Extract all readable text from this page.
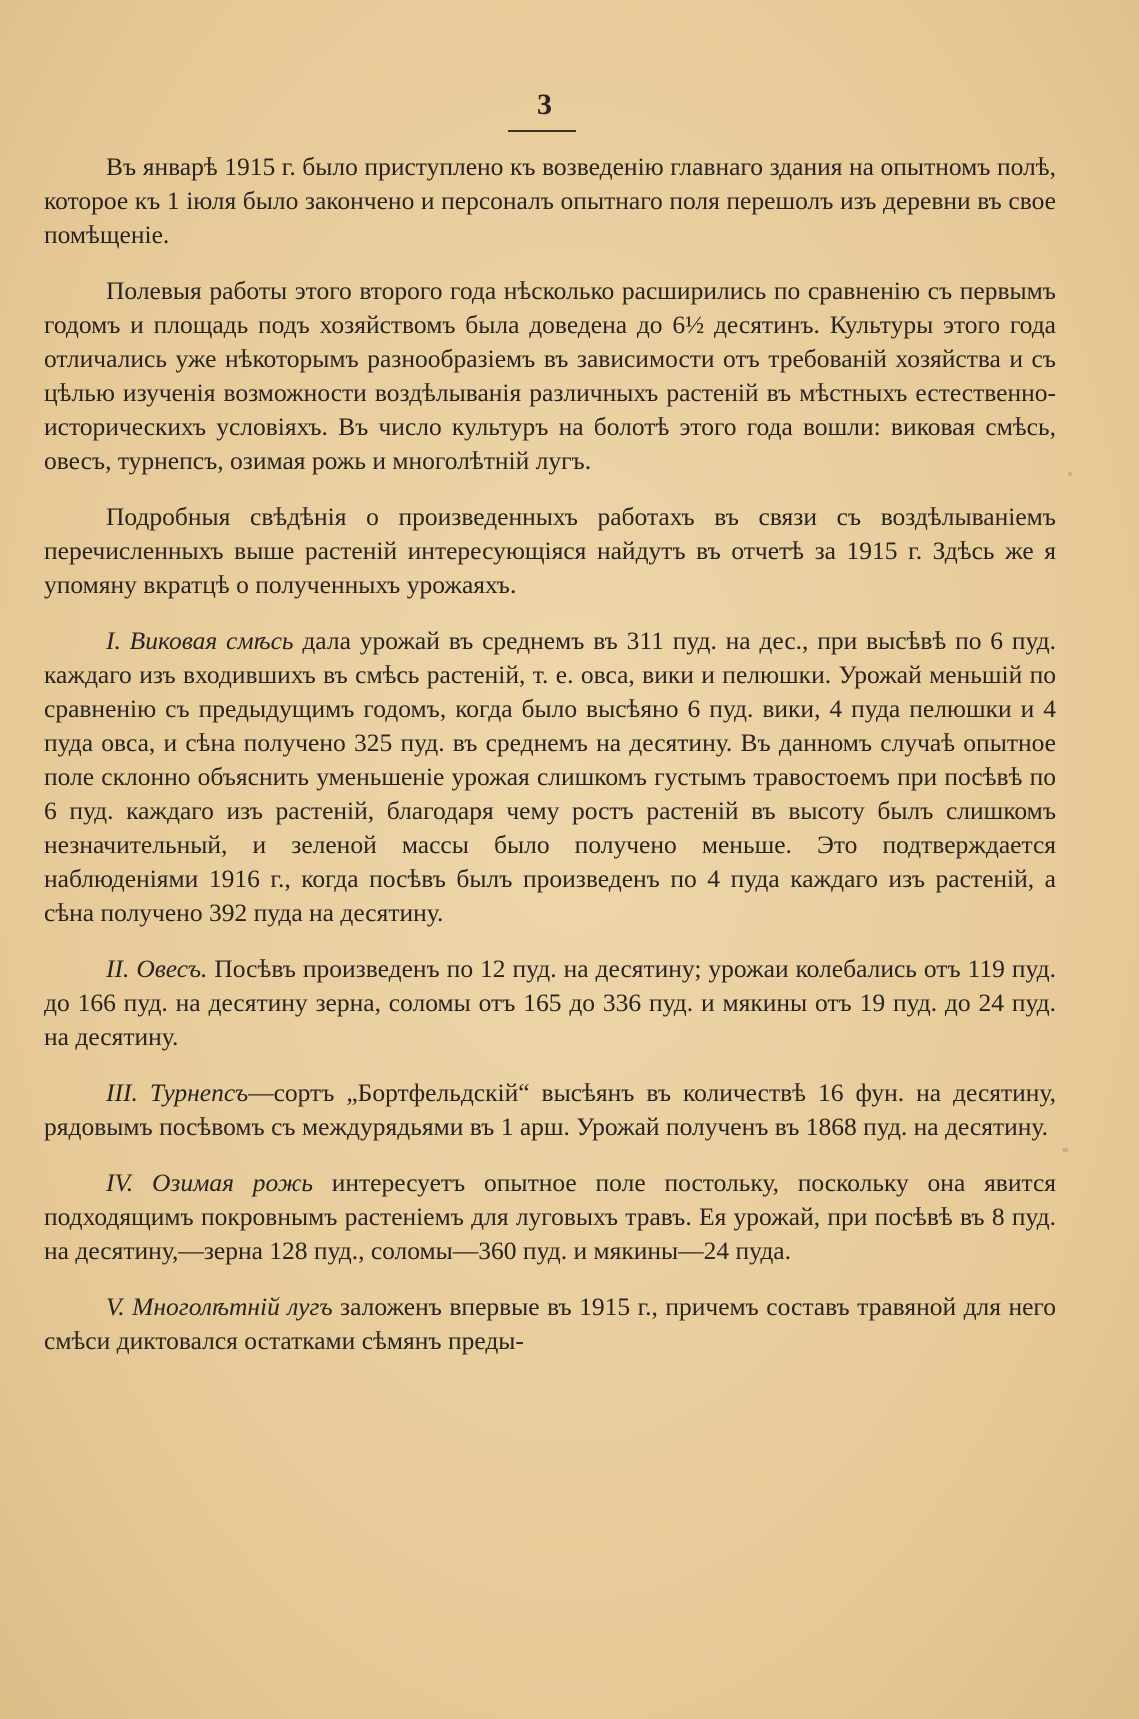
3

Въ январѣ 1915 г. было приступлено къ возведенію главнаго здания на опытномъ полѣ, которое къ 1 іюля было закончено и персоналъ опытнаго поля перешолъ изъ деревни въ свое помѣщеніе.

Полевыя работы этого второго года нѣсколько расширились по сравненію съ первымъ годомъ и площадь подъ хозяйствомъ была доведена до 6½ десятинъ. Культуры этого года отличались уже нѣкоторымъ разнообразіемъ въ зависимости отъ требованій хозяйства и съ цѣлью изученія возможности воздѣлыванія различныхъ растеній въ мѣстныхъ естественно-историческихъ условіяхъ. Въ число культуръ на болотѣ этого года вошли: виковая смѣсь, овесъ, турнепсъ, озимая рожь и многолѣтній лугъ.

Подробныя свѣдѣнія о произведенныхъ работахъ въ связи съ воздѣлываніемъ перечисленныхъ выше растеній интересующіяся найдутъ въ отчетѣ за 1915 г. Здѣсь же я упомяну вкратцѣ о полученныхъ урожаяхъ.

I. Виковая смѣсь дала урожай въ среднемъ въ 311 пуд. на дес., при высѣвѣ по 6 пуд. каждаго изъ входившихъ въ смѣсь растеній, т. е. овса, вики и пелюшки. Урожай меньшій по сравненію съ предыдущимъ годомъ, когда было высѣяно 6 пуд. вики, 4 пуда пелюшки и 4 пуда овса, и сѣна получено 325 пуд. въ среднемъ на десятину. Въ данномъ случаѣ опытное поле склонно объяснить уменьшеніе урожая слишкомъ густымъ травостоемъ при посѣвѣ по 6 пуд. каждаго изъ растеній, благодаря чему ростъ растеній въ высоту былъ слишкомъ незначительный, и зеленой массы было получено меньше. Это подтверждается наблюденіями 1916 г., когда посѣвъ былъ произведенъ по 4 пуда каждаго изъ растеній, а сѣна получено 392 пуда на десятину.

II. Овесъ. Посѣвъ произведенъ по 12 пуд. на десятину; урожаи колебались отъ 119 пуд. до 166 пуд. на десятину зерна, соломы отъ 165 до 336 пуд. и мякины отъ 19 пуд. до 24 пуд. на десятину.

III. Турнепсъ—сортъ „Бортфельдскій“ высѣянъ въ количествѣ 16 фун. на десятину, рядовымъ посѣвомъ съ междурядьями въ 1 арш. Урожай полученъ въ 1868 пуд. на десятину.

IV. Озимая рожь интересуетъ опытное поле постольку, поскольку она явится подходящимъ покровнымъ растеніемъ для луговыхъ травъ. Ея урожай, при посѣвѣ въ 8 пуд. на десятину,—зерна 128 пуд., соломы—360 пуд. и мякины—24 пуда.

V. Многолѣтній лугъ заложенъ впервые въ 1915 г., причемъ составъ травяной для него смѣси диктовался остатками сѣмянъ преды-
